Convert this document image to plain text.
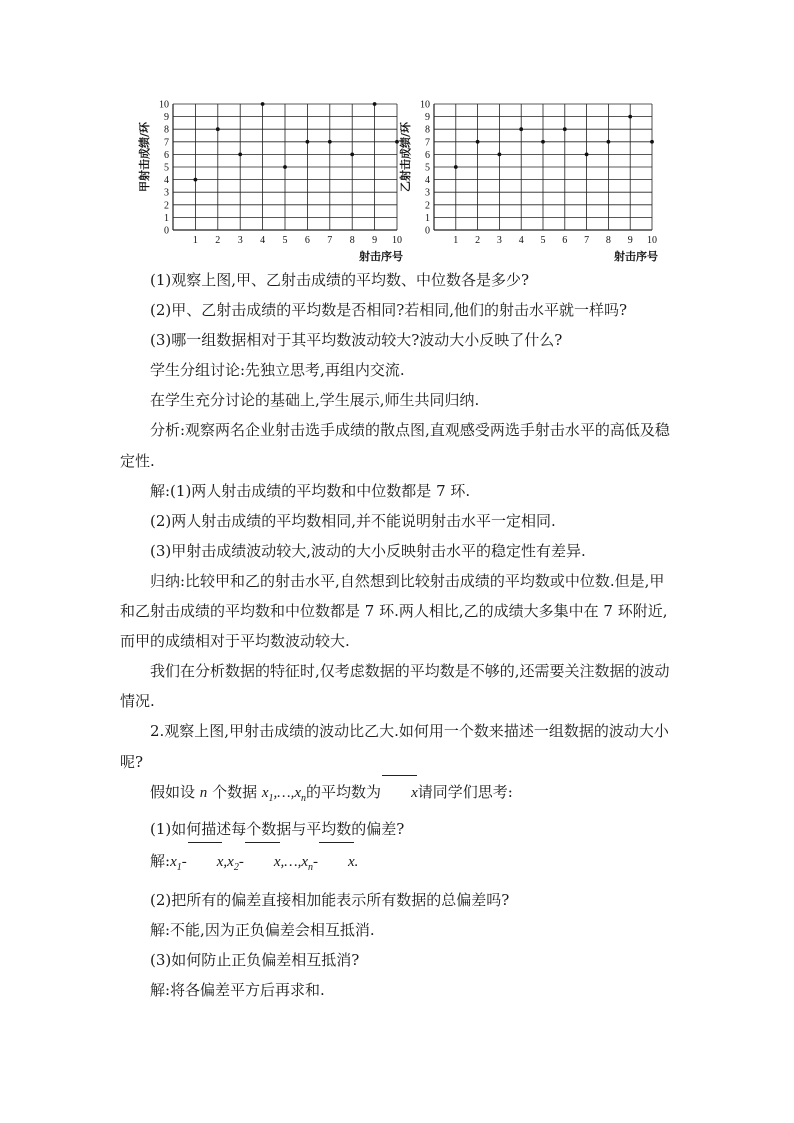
0
1
2
3
4
5
6
7
8
9
10
1 2 3 4 5 6 7 8 9 10
甲射击成绩/环
射击序号
0
1
2
3
4
5
6
7
8
9
10
1 2 3 4 5 6 7 8 9 10
乙射击成绩/环
射击序号

(1)观察上图,甲、乙射击成绩的平均数、中位数各是多少?

(2)甲、乙射击成绩的平均数是否相同?若相同,他们的射击水平就一样吗?

(3)哪一组数据相对于其平均数波动较大?波动大小反映了什么?

学生分组讨论:先独立思考,再组内交流.

在学生充分讨论的基础上,学生展示,师生共同归纳.

分析:观察两名企业射击选手成绩的散点图,直观感受两选手射击水平的高低及稳定性.

解:(1)两人射击成绩的平均数和中位数都是 7 环.

(2)两人射击成绩的平均数相同,并不能说明射击水平一定相同.

(3)甲射击成绩波动较大,波动的大小反映射击水平的稳定性有差异.

归纳:比较甲和乙的射击水平,自然想到比较射击成绩的平均数或中位数.但是,甲和乙射击成绩的平均数和中位数都是 7 环.两人相比,乙的成绩大多集中在 7 环附近,而甲的成绩相对于平均数波动较大.

我们在分析数据的特征时,仅考虑数据的平均数是不够的,还需要关注数据的波动情况.

2.观察上图,甲射击成绩的波动比乙大.如何用一个数来描述一组数据的波动大小呢?

假如设 n 个数据 $x_1,\dots,x_n$的平均数为 x请同学们思考:

(1)如何描述每个数据与平均数的偏差?

解$:x_1-$ $x,x_2-$ $x,\dots,x_n-$ x.

(2)把所有的偏差直接相加能表示所有数据的总偏差吗?

解:不能,因为正负偏差会相互抵消.

(3)如何防止正负偏差相互抵消?

解:将各偏差平方后再求和.
